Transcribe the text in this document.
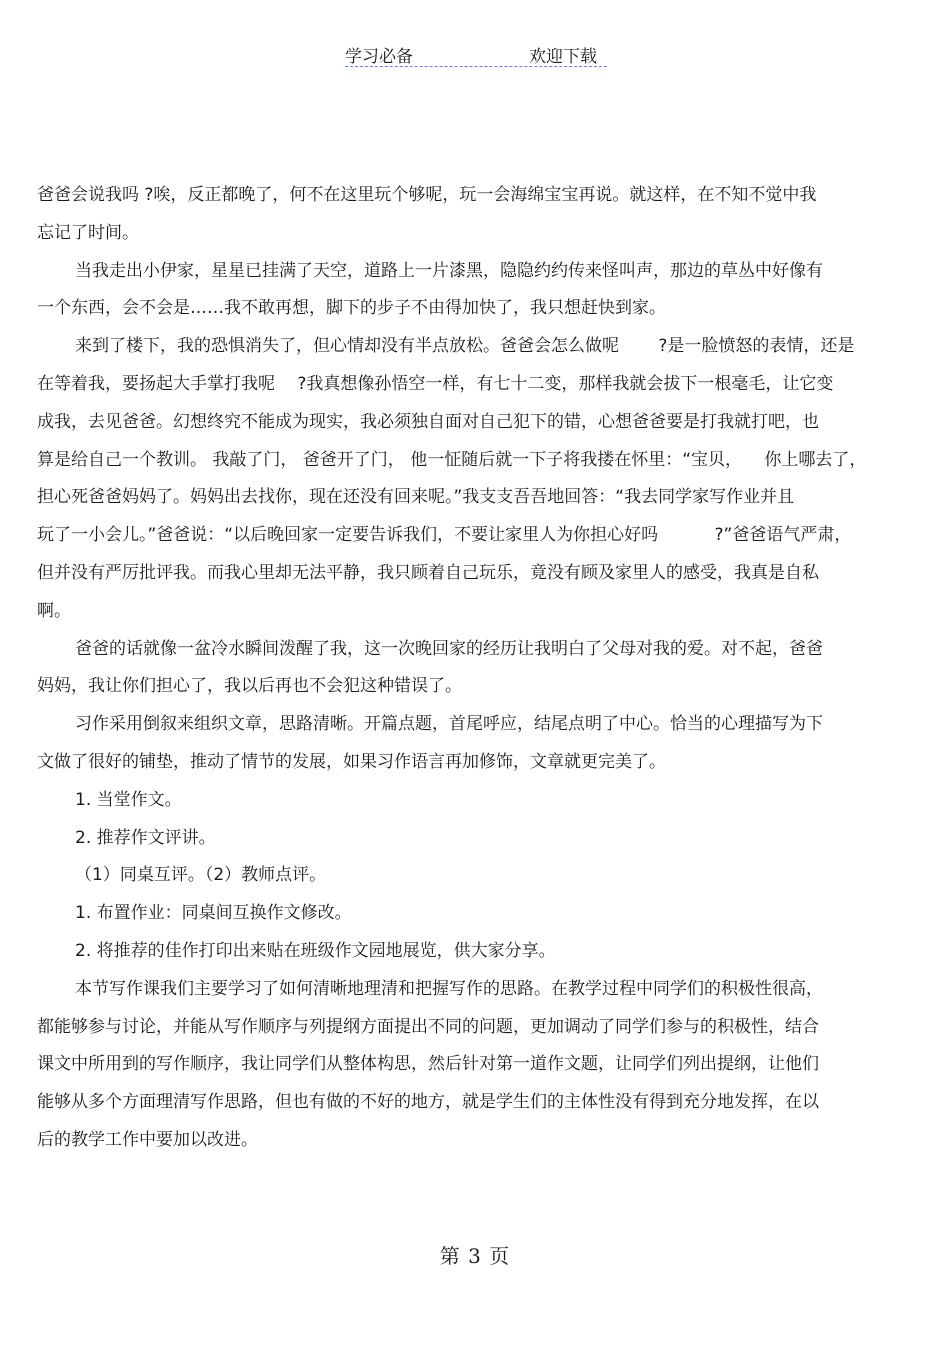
学习必备	欢迎下载
爸爸会说我吗 ?唉，反正都晚了，何不在这里玩个够呢，玩一会海绵宝宝再说。就这样，在不知不觉中我
忘记了时间。
当我走出小伊家，星星已挂满了天空，道路上一片漆黑，隐隐约约传来怪叫声，那边的草丛中好像有
一个东西，会不会是……我不敢再想，脚下的步子不由得加快了，我只想赶快到家。
来到了楼下，我的恐惧消失了，但心情却没有半点放松。爸爸会怎么做呢 　　?是一脸愤怒的表情，还是
在等着我，要扬起大手掌打我呢 　?我真想像孙悟空一样，有七十二变，那样我就会拔下一根毫毛，让它变
成我，去见爸爸。幻想终究不能成为现实，我必须独自面对自己犯下的错，心想爸爸要是打我就打吧，也
算是给自己一个教训。 我敲了门， 爸爸开了门， 他一怔随后就一下子将我搂在怀里：“宝贝， 　你上哪去了，
担心死爸爸妈妈了。妈妈出去找你，现在还没有回来呢。”我支支吾吾地回答：“我去同学家写作业并且
玩了一小会儿。”爸爸说：“以后晚回家一定要告诉我们，不要让家里人为你担心好吗 　　　?”爸爸语气严肃，
但并没有严厉批评我。而我心里却无法平静，我只顾着自己玩乐，竟没有顾及家里人的感受，我真是自私
啊。
爸爸的话就像一盆冷水瞬间泼醒了我，这一次晚回家的经历让我明白了父母对我的爱。对不起，爸爸
妈妈，我让你们担心了，我以后再也不会犯这种错误了。
习作采用倒叙来组织文章，思路清晰。开篇点题，首尾呼应，结尾点明了中心。恰当的心理描写为下
文做了很好的铺垫，推动了情节的发展，如果习作语言再加修饰，文章就更完美了。
1. 当堂作文。
2. 推荐作文评讲。
（1）同桌互评。（2）教师点评。
1. 布置作业：同桌间互换作文修改。
2. 将推荐的佳作打印出来贴在班级作文园地展览，供大家分享。
本节写作课我们主要学习了如何清晰地理清和把握写作的思路。在教学过程中同学们的积极性很高，
都能够参与讨论，并能从写作顺序与列提纲方面提出不同的问题，更加调动了同学们参与的积极性，结合
课文中所用到的写作顺序，我让同学们从整体构思，然后针对第一道作文题，让同学们列出提纲，让他们
能够从多个方面理清写作思路，但也有做的不好的地方，就是学生们的主体性没有得到充分地发挥，在以
后的教学工作中要加以改进。
第 3 页
